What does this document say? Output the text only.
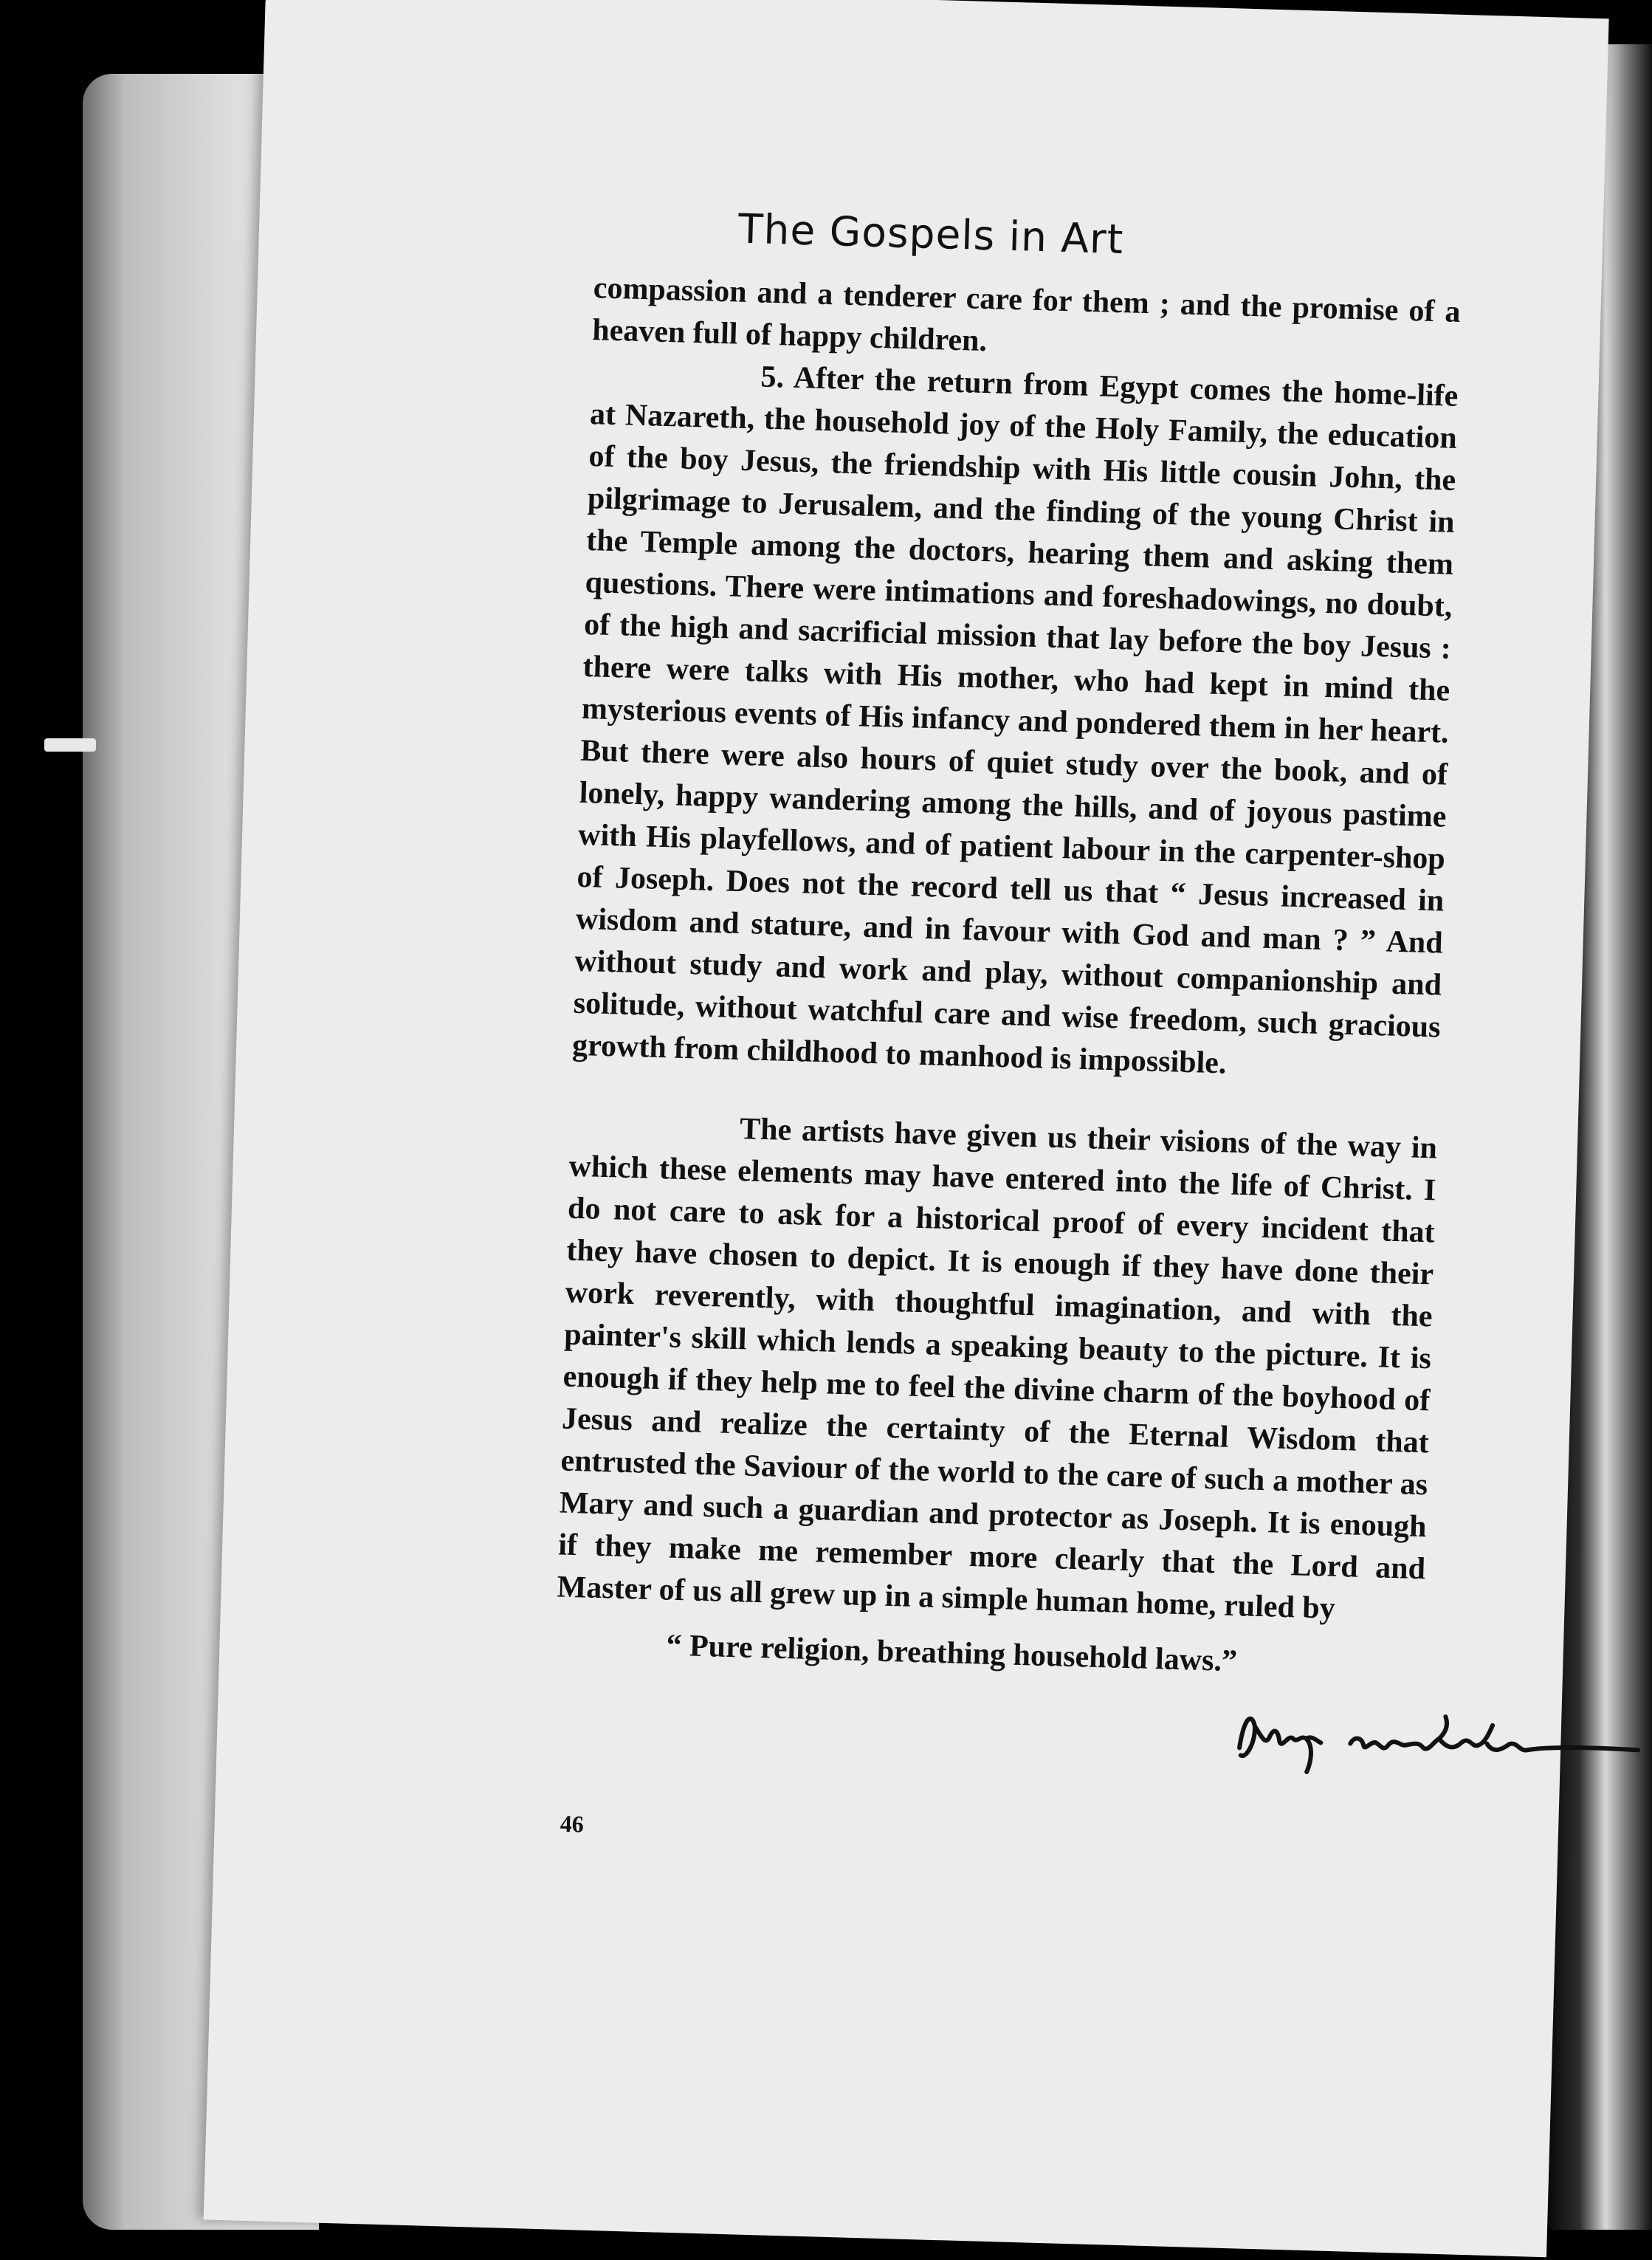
The Gospels in Art

compassion and a tenderer care for them ; and the promise of a heaven full of happy children.

5. After the return from Egypt comes the home-life at Nazareth, the household joy of the Holy Family, the education of the boy Jesus, the friendship with His little cousin John, the pilgrimage to Jerusalem, and the finding of the young Christ in the Temple among the doctors, hearing them and asking them questions. There were intimations and foreshadowings, no doubt, of the high and sacrificial mission that lay before the boy Jesus : there were talks with His mother, who had kept in mind the mysterious events of His infancy and pondered them in her heart. But there were also hours of quiet study over the book, and of lonely, happy wandering among the hills, and of joyous pastime with His playfellows, and of patient labour in the carpenter-shop of Joseph. Does not the record tell us that “ Jesus increased in wisdom and stature, and in favour with God and man ? ” And without study and work and play, without companionship and solitude, without watchful care and wise freedom, such gracious growth from childhood to manhood is impossible.

The artists have given us their visions of the way in which these elements may have entered into the life of Christ. I do not care to ask for a historical proof of every incident that they have chosen to depict. It is enough if they have done their work reverently, with thoughtful imagination, and with the painter's skill which lends a speaking beauty to the picture. It is enough if they help me to feel the divine charm of the boyhood of Jesus and realize the certainty of the Eternal Wisdom that entrusted the Saviour of the world to the care of such a mother as Mary and such a guardian and protector as Joseph. It is enough if they make me remember more clearly that the Lord and Master of us all grew up in a simple human home, ruled by

“ Pure religion, breathing household laws.”

46
